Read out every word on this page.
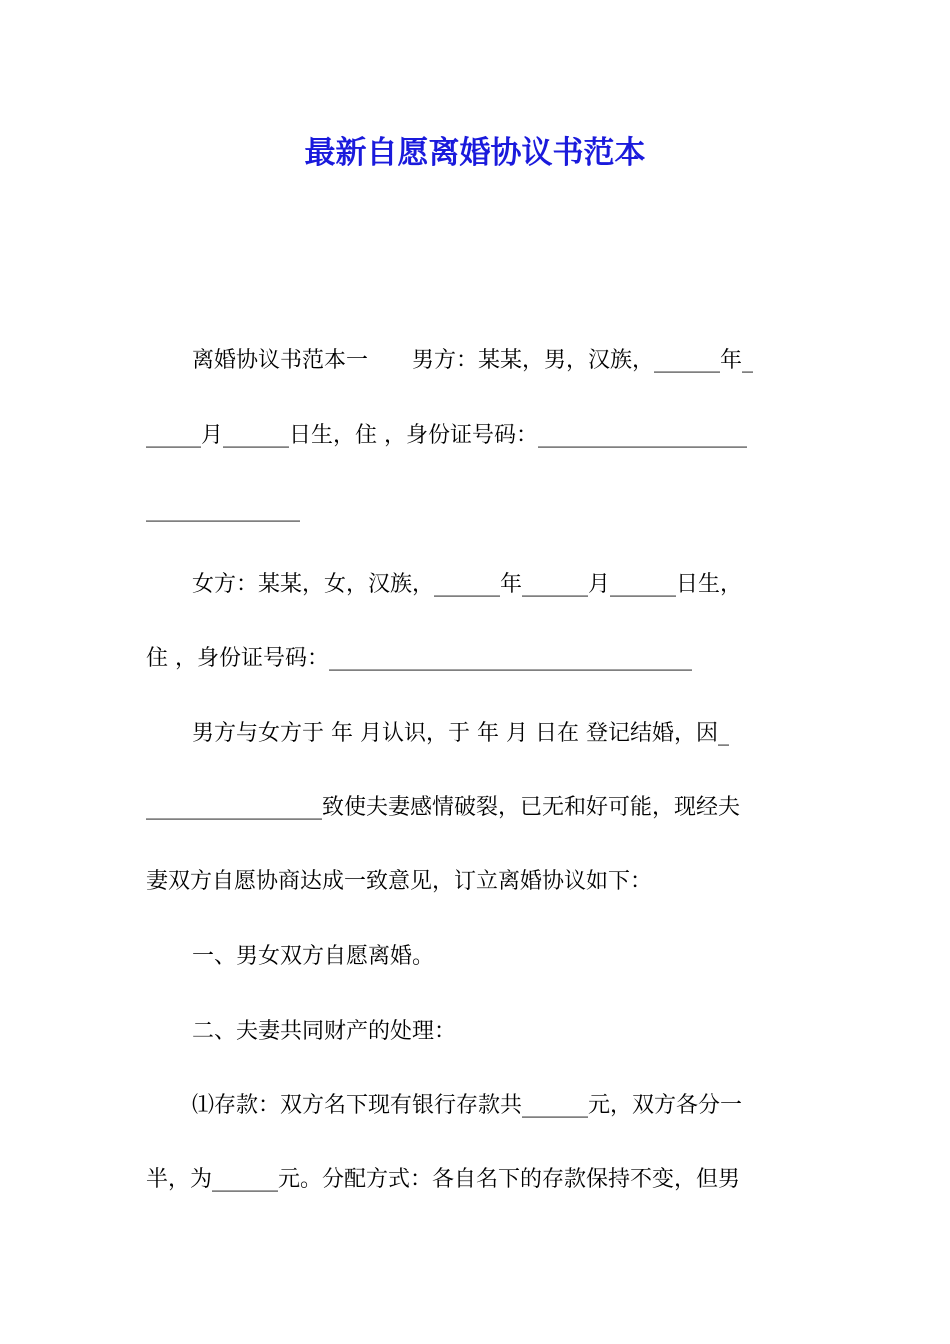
最新自愿离婚协议书范本

离婚协议书范本一　　男方：某某，男，汉族，______年_

_____月______日生，住 ，身份证号码：___________________

______________

女方：某某，女，汉族，______年______月______日生，

住 ，身份证号码：_________________________________

男方与女方于 年 月认识，于 年 月 日在 登记结婚，因_

________________致使夫妻感情破裂，已无和好可能，现经夫

妻双方自愿协商达成一致意见，订立离婚协议如下：

一、男女双方自愿离婚。

二、夫妻共同财产的处理：

⑴存款：双方名下现有银行存款共______元，双方各分一

半，为______元。分配方式：各自名下的存款保持不变，但男
